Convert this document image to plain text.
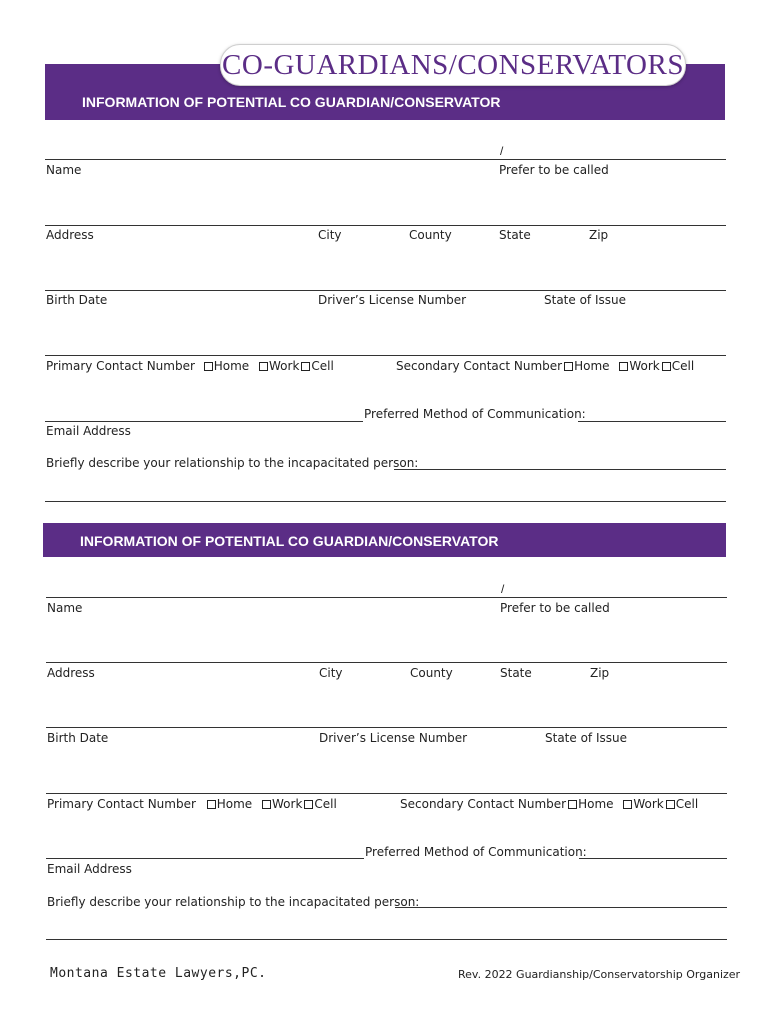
CO-GUARDIANS/CONSERVATORS
INFORMATION OF POTENTIAL CO GUARDIAN/CONSERVATOR
/
Name	Prefer to be called
Address	City	County	State	Zip
Birth Date	Driver’s License Number	State of Issue
Primary Contact Number Home Work Cell	Secondary Contact Number Home Work Cell
Preferred Method of Communication:
Email Address
Briefly describe your relationship to the incapacitated person:
INFORMATION OF POTENTIAL CO GUARDIAN/CONSERVATOR
/
Name	Prefer to be called
Address	City	County	State	Zip
Birth Date	Driver’s License Number	State of Issue
Primary Contact Number Home Work Cell	Secondary Contact Number Home Work Cell
Preferred Method of Communication:
Email Address
Briefly describe your relationship to the incapacitated person:
Montana Estate Lawyers,PC.	Rev. 2022 Guardianship/Conservatorship Organizer
